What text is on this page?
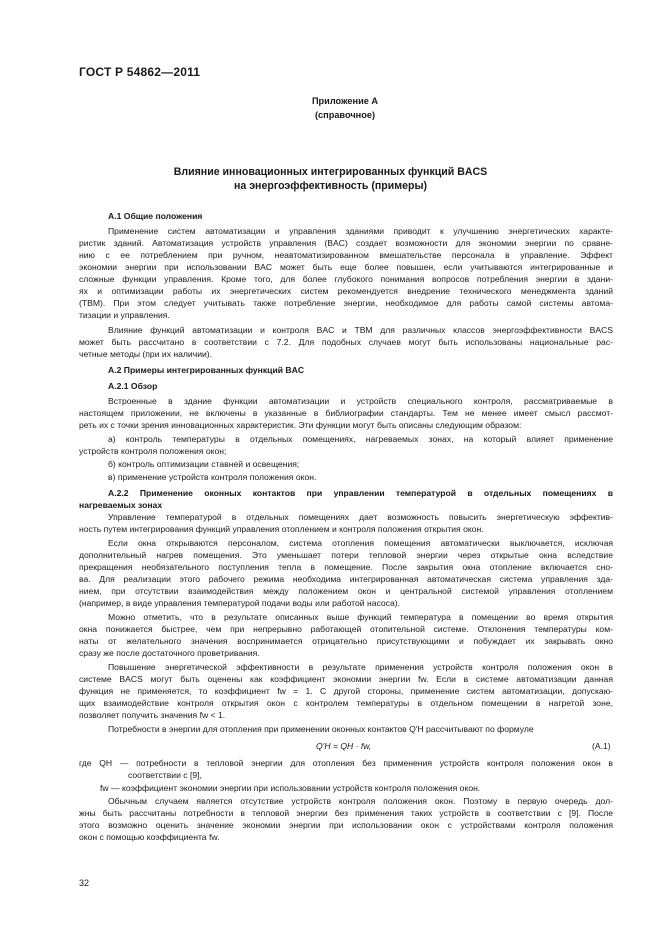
ГОСТ Р 54862—2011
Приложение А
(справочное)
Влияние инновационных интегрированных функций BACS
на энергоэффективность (примеры)
А.1 Общие положения
Применение систем автоматизации и управления зданиями приводит к улучшению энергетических характе-
ристик зданий. Автоматизация устройств управления (BAC) создает возможности для экономии энергии по сравне-
нию с ее потреблением при ручном, неавтоматизированном вмешательстве персонала в управление. Эффект
экономии энергии при использовании BAC может быть еще более повышен, если учитываются интегрированные и
сложные функции управления. Кроме того, для более глубокого понимания вопросов потребления энергии в здани-
ях и оптимизации работы их энергетических систем рекомендуется внедрение технического менеджмента зданий
(ТВМ). При этом следует учитывать также потребление энергии, необходимое для работы самой системы автома-
тизации и управления.
Влияние функций автоматизации и контроля BAC и ТВМ для различных классов энергоэффективности BACS
может быть рассчитано в соответствии с 7.2. Для подобных случаев могут быть использованы национальные рас-
четные методы (при их наличии).
А.2 Примеры интегрированных функций BAC
А.2.1 Обзор
Встроенные в здание функции автоматизации и устройств специального контроля, рассматриваемые в
настоящем приложении, не включены в указанные в библиографии стандарты. Тем не менее имеет смысл рассмот-
реть их с точки зрения инновационных характеристик. Эти функции могут быть описаны следующим образом:
а) контроль температуры в отдельных помещениях, нагреваемых зонах, на который влияет применение
устройств контроля положения окон;
б) контроль оптимизации ставней и освещения;
в) применение устройств контроля положения окон.
А.2.2 Применение оконных контактов при управлении температурой в отдельных помещениях в
нагреваемых зонах
Управление температурой в отдельных помещениях дает возможность повысить энергетическую эффектив-
ность путем интегрирования функций управления отоплением и контроля положения открытия окон.
Если окна открываются персоналом, система отопления помещения автоматически выключается, исключая
дополнительный нагрев помещения. Это уменьшает потери тепловой энергии через открытые окна вследствие
прекращения необязательного поступления тепла в помещение. После закрытия окна отопление включается сно-
ва. Для реализации этого рабочего режима необходима интегрированная автоматическая система управления зда-
нием, при отсутствии взаимодействия между положением окон и центральной системой управления отоплением
(например, в виде управления температурой подачи воды или работой насоса).
Можно отметить, что в результате описанных выше функций температура в помещении во время открытия
окна понижается быстрее, чем при непрерывно работающей отопительной системе. Отклонения температуры ком-
наты от желательного значения воспринимается отрицательно присутствующими и побуждает их закрывать окно
сразу же после достаточного проветривания.
Повышение энергетической эффективности в результате применения устройств контроля положения окон в
системе BACS могут быть оценены как коэффициент экономии энергии fw. Если в системе автоматизации данная
функция не применяется, то коэффициент fw = 1. С другой стороны, применение систем автоматизации, допускаю-
щих взаимодействие контроля открытия окон с контролем температуры в отдельном помещении в нагретой зоне,
позволяет получить значения fw < 1.
Потребности в энергии для отопления при применении оконных контактов Q'H рассчитывают по формуле
Q'H = QH · fw,	(А.1)
где QH — потребности в тепловой энергии для отопления без применения устройств контроля положения окон в
соответствии с [9],
fw — коэффициент экономии энергии при использовании устройств контроля положения окон.
Обычным случаем является отсутствие устройств контроля положения окон. Поэтому в первую очередь дол-
жны быть рассчитаны потребности в тепловой энергии без применения таких устройств в соответствии с [9]. После
этого возможно оценить значение экономии энергии при использовании окон с устройствами контроля положения
окон с помощью коэффициента fw.
32
